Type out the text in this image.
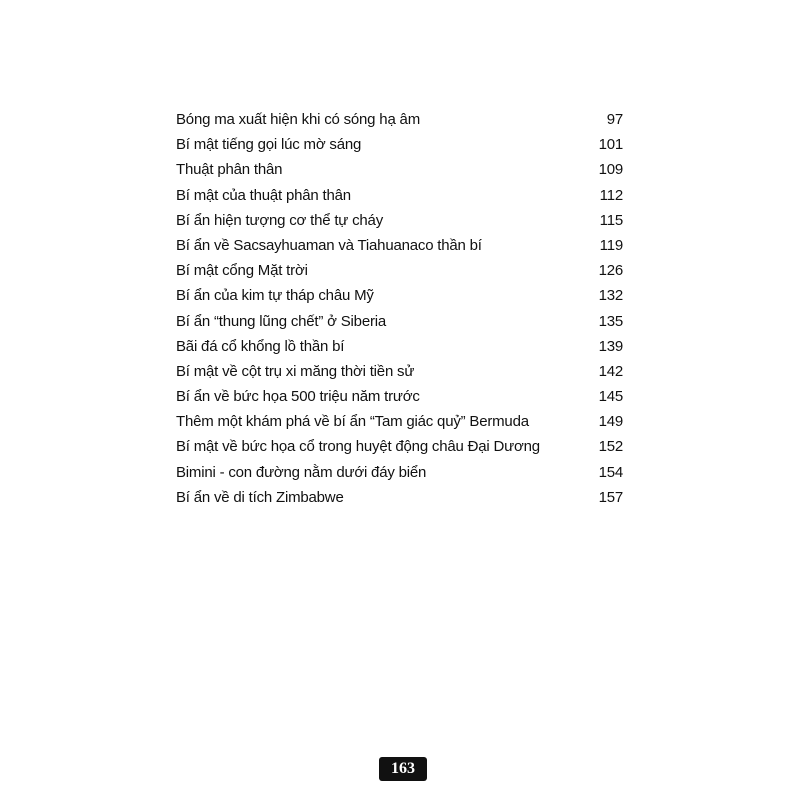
Bóng ma xuất hiện khi có sóng hạ âm	97
Bí mật tiếng gọi lúc mờ sáng	101
Thuật phân thân	109
Bí mật của thuật phân thân	112
Bí ẩn hiện tượng cơ thể tự cháy	115
Bí ẩn về Sacsayhuaman và Tiahuanaco thần bí	119
Bí mật cổng Mặt trời	126
Bí ẩn của kim tự tháp châu Mỹ	132
Bí ẩn “thung lũng chết” ở Siberia	135
Bãi đá cổ khổng lồ thần bí	139
Bí mật về cột trụ xi măng thời tiền sử	142
Bí ẩn về bức họa 500 triệu năm trước	145
Thêm một khám phá về bí ẩn “Tam giác quỷ” Bermuda	149
Bí mật về bức họa cổ trong huyệt động châu Đại Dương	152
Bimini - con đường nằm dưới đáy biển	154
Bí ẩn về di tích Zimbabwe	157
163
